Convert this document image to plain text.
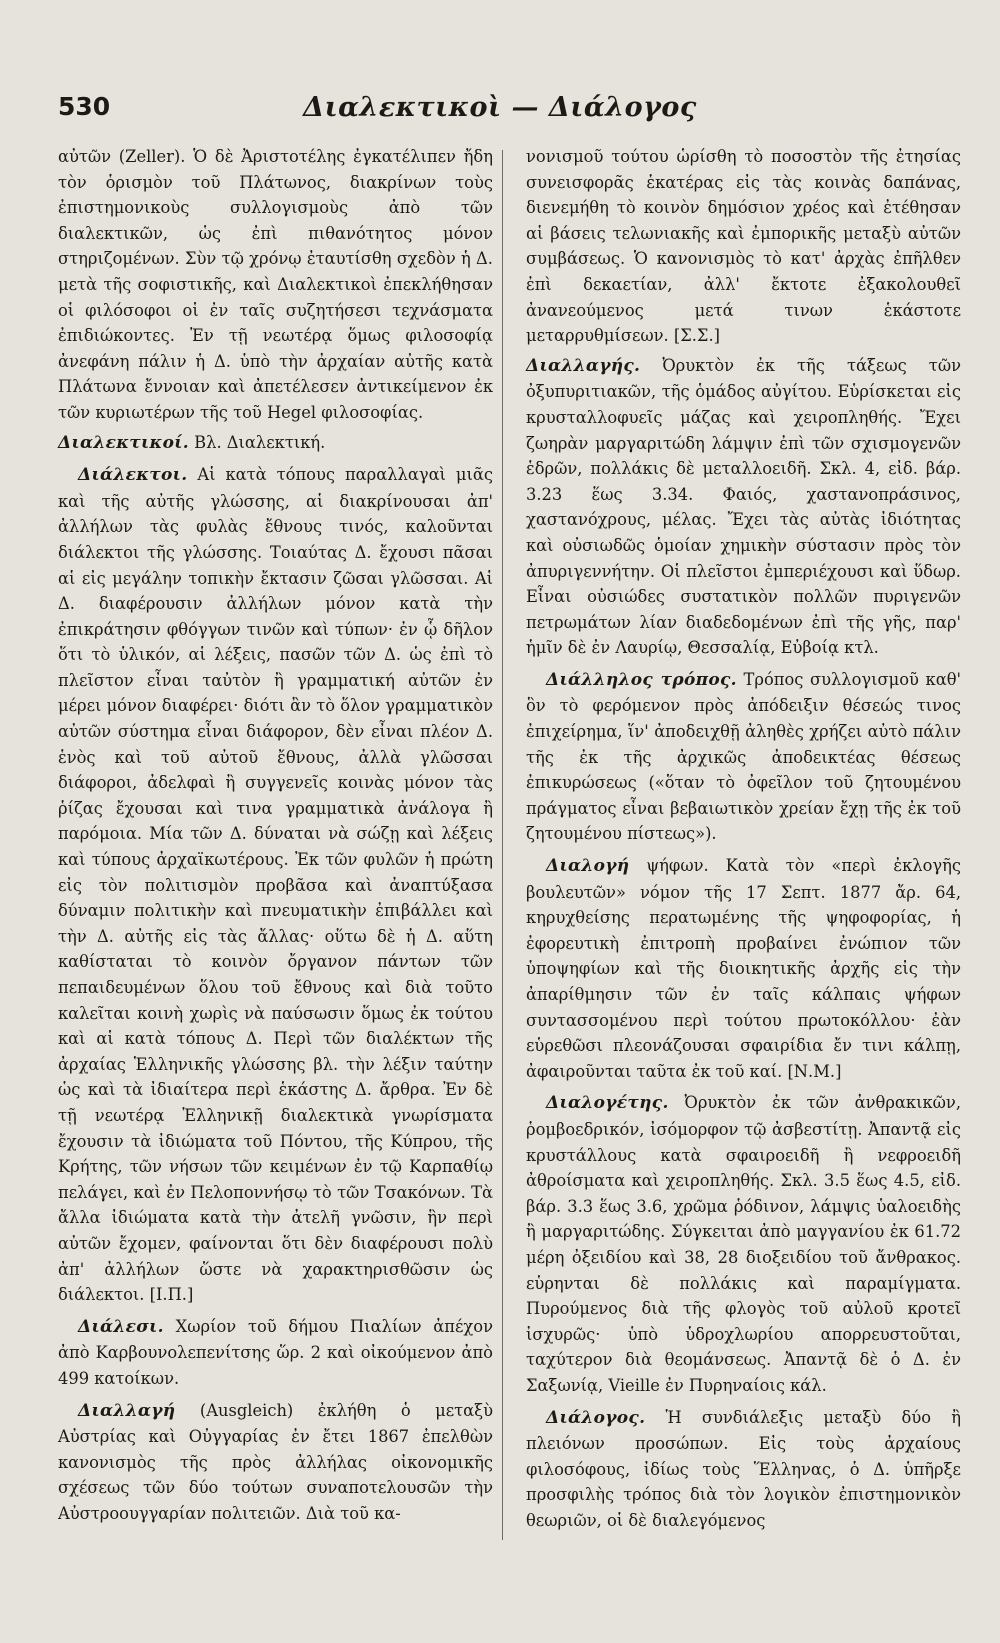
530	Διαλεκτικοὶ — Διάλογος

αὐτῶν (Zeller). Ὁ δὲ Ἀριστοτέλης ἐγκατέλιπεν ἤδη τὸν ὁρισμὸν τοῦ Πλάτωνος, διακρίνων τοὺς ἐπιστημονικοὺς συλλογισμοὺς ἀπὸ τῶν διαλεκτικῶν, ὡς ἐπὶ πιθανότητος μόνον στηριζομένων. Σὺν τῷ χρόνῳ ἐταυτίσθη σχεδὸν ἡ Δ. μετὰ τῆς σοφιστικῆς, καὶ Διαλεκτικοὶ ἐπεκλήθησαν οἱ φιλόσοφοι οἱ ἐν ταῖς συζητήσεσι τεχνάσματα ἐπιδιώκοντες. Ἐν τῇ νεωτέρᾳ ὅμως φιλοσοφίᾳ ἀνεφάνη πάλιν ἡ Δ. ὑπὸ τὴν ἀρχαίαν αὐτῆς κατὰ Πλάτωνα ἔννοιαν καὶ ἀπετέλεσεν ἀντικείμενον ἐκ τῶν κυριωτέρων τῆς τοῦ Hegel φιλοσοφίας.

Διαλεκτικοί. Βλ. Διαλεκτική.

Διάλεκτοι. Αἱ κατὰ τόπους παραλλαγαὶ μιᾶς καὶ τῆς αὐτῆς γλώσσης, αἱ διακρίνουσαι ἀπ' ἀλλήλων τὰς φυλὰς ἔθνους τινός, καλοῦνται διάλεκτοι τῆς γλώσσης. Τοιαύτας Δ. ἔχουσι πᾶσαι αἱ εἰς μεγάλην τοπικὴν ἔκτασιν ζῶσαι γλῶσσαι. Αἱ Δ. διαφέρουσιν ἀλλήλων μόνον κατὰ τὴν ἐπικράτησιν φθόγγων τινῶν καὶ τύπων· ἐν ᾧ δῆλον ὅτι τὸ ὑλικόν, αἱ λέξεις, πασῶν τῶν Δ. ὡς ἐπὶ τὸ πλεῖστον εἶναι ταὐτὸν ἢ γραμματική αὐτῶν ἐν μέρει μόνον διαφέρει· διότι ἂν τὸ ὅλον γραμματικὸν αὐτῶν σύστημα εἶναι διάφορον, δὲν εἶναι πλέον Δ. ἑνὸς καὶ τοῦ αὐτοῦ ἔθνους, ἀλλὰ γλῶσσαι διάφοροι, ἀδελφαὶ ἢ συγγενεῖς κοινὰς μόνον τὰς ῥίζας ἔχουσαι καὶ τινα γραμματικὰ ἀνάλογα ἢ παρόμοια. Μία τῶν Δ. δύναται νὰ σώζῃ καὶ λέξεις καὶ τύπους ἀρχαϊκωτέρους. Ἐκ τῶν φυλῶν ἡ πρώτη εἰς τὸν πολιτισμὸν προβᾶσα καὶ ἀναπτύξασα δύναμιν πολιτικὴν καὶ πνευματικὴν ἐπιβάλλει καὶ τὴν Δ. αὐτῆς εἰς τὰς ἄλλας· οὕτω δὲ ἡ Δ. αὕτη καθίσταται τὸ κοινὸν ὄργανον πάντων τῶν πεπαιδευμένων ὅλου τοῦ ἔθνους καὶ διὰ τοῦτο καλεῖται κοινὴ χωρὶς νὰ παύσωσιν ὅμως ἐκ τούτου καὶ αἱ κατὰ τόπους Δ. Περὶ τῶν διαλέκτων τῆς ἀρχαίας Ἑλληνικῆς γλώσσης βλ. τὴν λέξιν ταύτην ὡς καὶ τὰ ἰδιαίτερα περὶ ἑκάστης Δ. ἄρθρα. Ἐν δὲ τῇ νεωτέρᾳ Ἑλληνικῇ διαλεκτικὰ γνωρίσματα ἔχουσιν τὰ ἰδιώματα τοῦ Πόντου, τῆς Κύπρου, τῆς Κρήτης, τῶν νήσων τῶν κειμένων ἐν τῷ Καρπαθίῳ πελάγει, καὶ ἐν Πελοποννήσῳ τὸ τῶν Τσακόνων. Τὰ ἄλλα ἰδιώματα κατὰ τὴν ἀτελῆ γνῶσιν, ἣν περὶ αὐτῶν ἔχομεν, φαίνονται ὅτι δὲν διαφέρουσι πολὺ ἀπ' ἀλλήλων ὥστε νὰ χαρακτηρισθῶσιν ὡς διάλεκτοι. [Ι.Π.]

Διάλεσι. Χωρίον τοῦ δήμου Πιαλίων ἀπέχον ἀπὸ Καρβουνολεπενίτσης ὥρ. 2 καὶ οἰκούμενον ἀπὸ 499 κατοίκων.

Διαλλαγή (Ausgleich) ἐκλήθη ὁ μεταξὺ Αὐστρίας καὶ Οὐγγαρίας ἐν ἔτει 1867 ἐπελθὼν κανονισμὸς τῆς πρὸς ἀλλήλας οἰκονομικῆς σχέσεως τῶν δύο τούτων συναποτελουσῶν τὴν Αὐστροουγγαρίαν πολιτειῶν. Διὰ τοῦ κα-

νονισμοῦ τούτου ὡρίσθη τὸ ποσοστὸν τῆς ἐτησίας συνεισφορᾶς ἑκατέρας εἰς τὰς κοινὰς δαπάνας, διενεμήθη τὸ κοινὸν δημόσιον χρέος καὶ ἐτέθησαν αἱ βάσεις τελωνιακῆς καὶ ἐμπορικῆς μεταξὺ αὐτῶν συμβάσεως. Ὁ κανονισμὸς τὸ κατ' ἀρχὰς ἐπῆλθεν ἐπὶ δεκαετίαν, ἀλλ' ἔκτοτε ἐξακολουθεῖ ἀνανεούμενος μετά τινων ἑκάστοτε μεταρρυθμίσεων. [Σ.Σ.]

Διαλλαγής. Ὀρυκτὸν ἐκ τῆς τάξεως τῶν ὀξυπυριτιακῶν, τῆς ὁμάδος αὐγίτου. Εὑρίσκεται εἰς κρυσταλλοφυεῖς μάζας καὶ χειροπληθής. Ἔχει ζωηρὰν μαργαριτώδη λάμψιν ἐπὶ τῶν σχισμογενῶν ἑδρῶν, πολλάκις δὲ μεταλλοειδῆ. Σκλ. 4, εἰδ. βάρ. 3.23 ἕως 3.34. Φαιός, χαστανοπράσινος, χαστανόχρους, μέλας. Ἔχει τὰς αὐτὰς ἰδιότητας καὶ οὐσιωδῶς ὁμοίαν χημικὴν σύστασιν πρὸς τὸν ἀπυριγεννήτην. Οἱ πλεῖστοι ἐμπεριέχουσι καὶ ὕδωρ. Εἶναι οὐσιώδες συστατικὸν πολλῶν πυριγενῶν πετρωμάτων λίαν διαδεδομένων ἐπὶ τῆς γῆς, παρ' ἡμῖν δὲ ἐν Λαυρίῳ, Θεσσαλίᾳ, Εὐβοίᾳ κτλ.

Διάλληλος τρόπος. Τρόπος συλλογισμοῦ καθ' ὃν τὸ φερόμενον πρὸς ἀπόδειξιν θέσεώς τινος ἐπιχείρημα, ἵν' ἀποδειχθῇ ἀληθὲς χρήζει αὐτὸ πάλιν τῆς ἐκ τῆς ἀρχικῶς ἀποδεικτέας θέσεως ἐπικυρώσεως («ὅταν τὸ ὀφεῖλον τοῦ ζητουμένου πράγματος εἶναι βεβαιωτικὸν χρείαν ἔχῃ τῆς ἐκ τοῦ ζητουμένου πίστεως»).

Διαλογή ψήφων. Κατὰ τὸν «περὶ ἐκλογῆς βουλευτῶν» νόμον τῆς 17 Σεπτ. 1877 ἄρ. 64, κηρυχθείσης περατωμένης τῆς ψηφοφορίας, ἡ ἐφορευτικὴ ἐπιτροπὴ προβαίνει ἐνώπιον τῶν ὑποψηφίων καὶ τῆς διοικητικῆς ἀρχῆς εἰς τὴν ἀπαρίθμησιν τῶν ἐν ταῖς κάλπαις ψήφων συντασσομένου περὶ τούτου πρωτοκόλλου· ἐὰν εὑρεθῶσι πλεονάζουσαι σφαιρίδια ἔν τινι κάλπῃ, ἀφαιροῦνται ταῦτα ἐκ τοῦ καί. [Ν.Μ.]

Διαλογέτης. Ὀρυκτὸν ἐκ τῶν ἀνθρακικῶν, ῥομβοεδρικόν, ἰσόμορφον τῷ ἀσβεστίτῃ. Ἀπαντᾷ εἰς κρυστάλλους κατὰ σφαιροειδῆ ἢ νεφροειδῆ ἀθροίσματα καὶ χειροπληθής. Σκλ. 3.5 ἕως 4.5, εἰδ. βάρ. 3.3 ἕως 3.6, χρῶμα ῥόδινον, λάμψις ὑαλοειδὴς ἢ μαργαριτώδης. Σύγκειται ἀπὸ μαγγανίου ἐκ 61.72 μέρη ὀξειδίου καὶ 38, 28 διοξειδίου τοῦ ἄνθρακος. εὑρηνται δὲ πολλάκις καὶ παραμίγματα. Πυρούμενος διὰ τῆς φλογὸς τοῦ αὐλοῦ κροτεῖ ἰσχυρῶς· ὑπὸ ὑδροχλωρίου απορρευστοῦται, ταχύτερον διὰ θεομάνσεως. Ἀπαντᾷ δὲ ὁ Δ. ἐν Σαξωνίᾳ, Vieille ἐν Πυρηναίοις κάλ.

Διάλογος. Ἡ συνδιάλεξις μεταξὺ δύο ἢ πλειόνων προσώπων. Εἰς τοὺς ἀρχαίους φιλοσόφους, ἰδίως τοὺς Ἕλληνας, ὁ Δ. ὑπῆρξε προσφιλὴς τρόπος διὰ τὸν λογικὸν ἐπιστημονικὸν θεωριῶν, οἱ δὲ διαλεγόμενος
